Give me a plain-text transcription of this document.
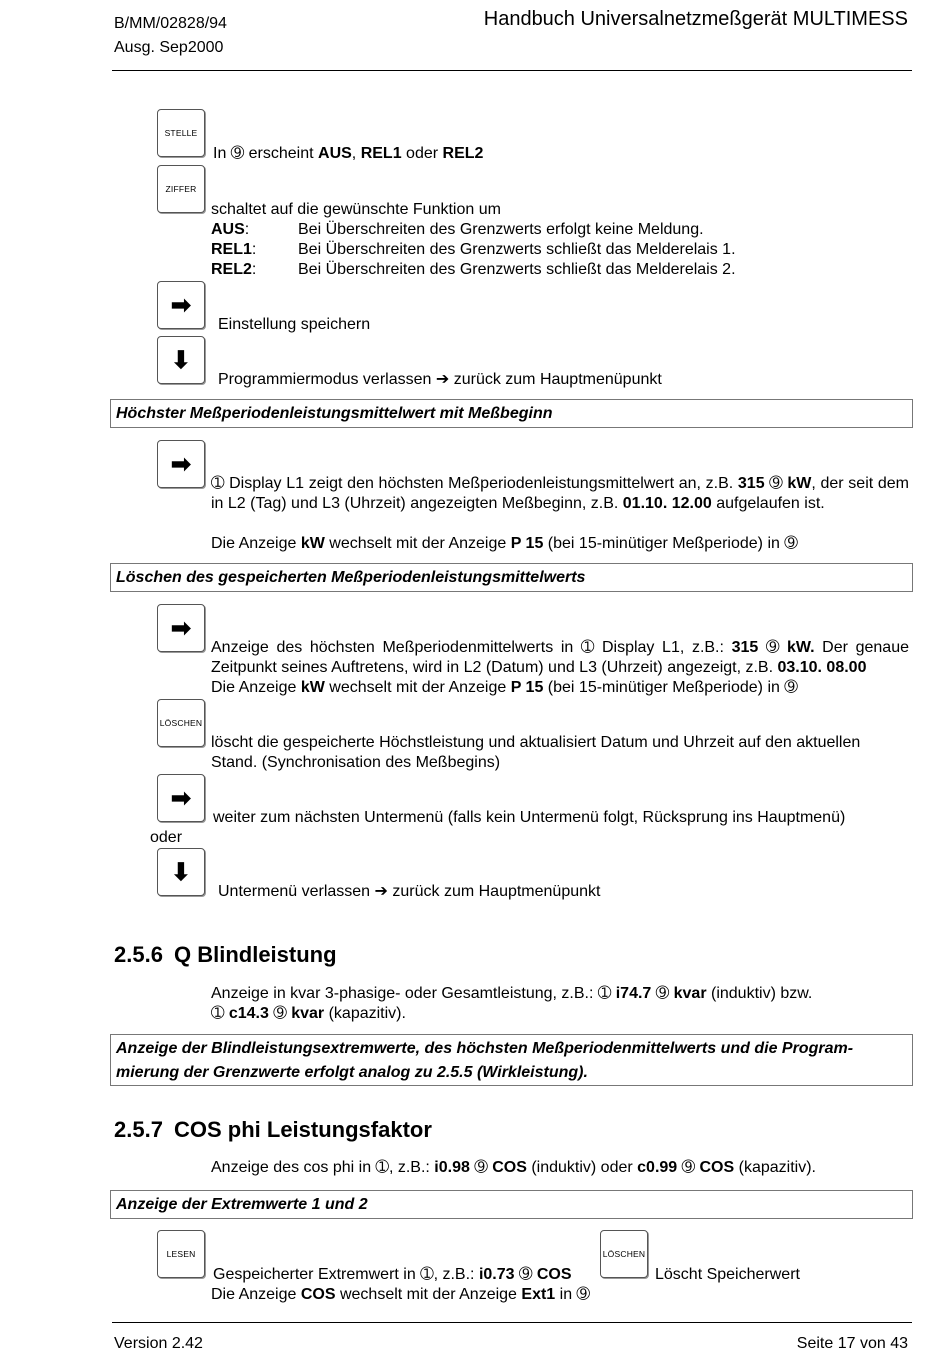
B/MM/02828/94
Ausg. Sep2000
Handbuch Universalnetzmeßgerät MULTIMESS
STELLE
In ➈ erscheint AUS, REL1 oder REL2
ZIFFER
schaltet auf die gewünschte Funktion um
AUS:	Bei Überschreiten des Grenzwerts erfolgt keine Meldung.
REL1:	Bei Überschreiten des Grenzwerts schließt das Melderelais 1.
REL2:	Bei Überschreiten des Grenzwerts schließt das Melderelais 2.
➡
Einstellung speichern
⬇
Programmiermodus verlassen ➔ zurück zum Hauptmenüpunkt
Höchster Meßperiodenleistungsmittelwert mit Meßbeginn
➡
➀ Display L1 zeigt den höchsten Meßperiodenleistungsmittelwert an, z.B. 315 ➈ kW, der seit dem in L2 (Tag) und L3 (Uhrzeit) angezeigten Meßbeginn, z.B. 01.10. 12.00 aufgelaufen ist.
Die Anzeige kW wechselt mit der Anzeige P 15 (bei 15-minütiger Meßperiode) in ➈
Löschen des gespeicherten Meßperiodenleistungsmittelwerts
➡
Anzeige des höchsten Meßperiodenmittelwerts in ➀ Display L1, z.B.: 315 ➈ kW. Der genaue Zeitpunkt seines Auftretens, wird in L2 (Datum) und L3 (Uhrzeit) angezeigt, z.B. 03.10. 08.00
Die Anzeige kW wechselt mit der Anzeige P 15 (bei 15-minütiger Meßperiode) in ➈
LÖSCHEN
löscht die gespeicherte Höchstleistung und aktualisiert Datum und Uhrzeit auf den aktuellen Stand. (Synchronisation des Meßbegins)
➡
weiter zum nächsten Untermenü (falls kein Untermenü folgt, Rücksprung ins Hauptmenü)
oder
⬇
Untermenü verlassen ➔ zurück zum Hauptmenüpunkt
2.5.6 Q Blindleistung
Anzeige in kvar 3-phasige- oder Gesamtleistung, z.B.: ➀ i74.7 ➈ kvar (induktiv) bzw.
➀ c14.3 ➈ kvar (kapazitiv).
Anzeige der Blindleistungsextremwerte, des höchsten Meßperiodenmittelwerts und die Program-mierung der Grenzwerte erfolgt analog zu 2.5.5 (Wirkleistung).
2.5.7 COS phi Leistungsfaktor
Anzeige des cos phi in ➀, z.B.: i0.98 ➈ COS (induktiv) oder c0.99 ➈ COS (kapazitiv).
Anzeige der Extremwerte 1 und 2
LESEN
Gespeicherter Extremwert in ➀, z.B.: i0.73 ➈ COS
LÖSCHEN
Löscht Speicherwert
Die Anzeige COS wechselt mit der Anzeige Ext1 in ➈
Version 2.42	Seite 17 von 43
